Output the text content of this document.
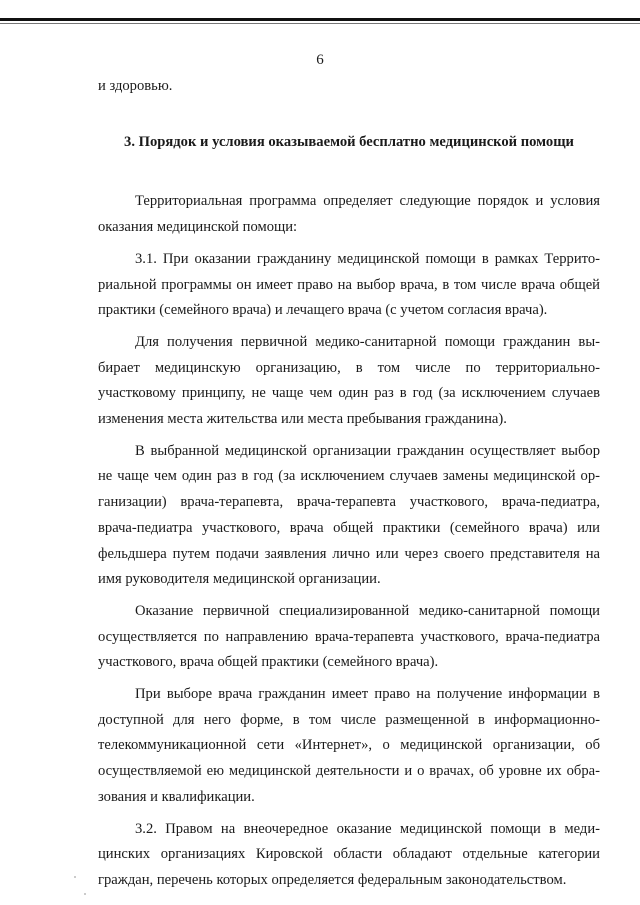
6
и здоровью.
3. Порядок и условия оказываемой бесплатно медицинской помощи
Территориальная программа определяет следующие порядок и условия
оказания медицинской помощи:
3.1. При оказании гражданину медицинской помощи в рамках Террито-
риальной программы он имеет право на выбор врача, в том числе врача общей
практики (семейного врача) и лечащего врача (с учетом согласия врача).
Для получения первичной медико-санитарной помощи гражданин вы-
бирает медицинскую организацию, в том числе по территориально-
участковому принципу, не чаще чем один раз в год (за исключением случаев
изменения места жительства или места пребывания гражданина).
В выбранной медицинской организации гражданин осуществляет выбор
не чаще чем один раз в год (за исключением случаев замены медицинской ор-
ганизации) врача-терапевта, врача-терапевта участкового, врача-педиатра,
врача-педиатра участкового, врача общей практики (семейного врача) или
фельдшера путем подачи заявления лично или через своего представителя на
имя руководителя медицинской организации.
Оказание первичной специализированной медико-санитарной помощи
осуществляется по направлению врача-терапевта участкового, врача-педиатра
участкового, врача общей практики (семейного врача).
При выборе врача гражданин имеет право на получение информации в
доступной для него форме, в том числе размещенной в информационно-
телекоммуникационной сети «Интернет», о медицинской организации, об
осуществляемой ею медицинской деятельности и о врачах, об уровне их обра-
зования и квалификации.
3.2. Правом на внеочередное оказание медицинской помощи в меди-
цинских организациях Кировской области обладают отдельные категории
граждан, перечень которых определяется федеральным законодательством.
